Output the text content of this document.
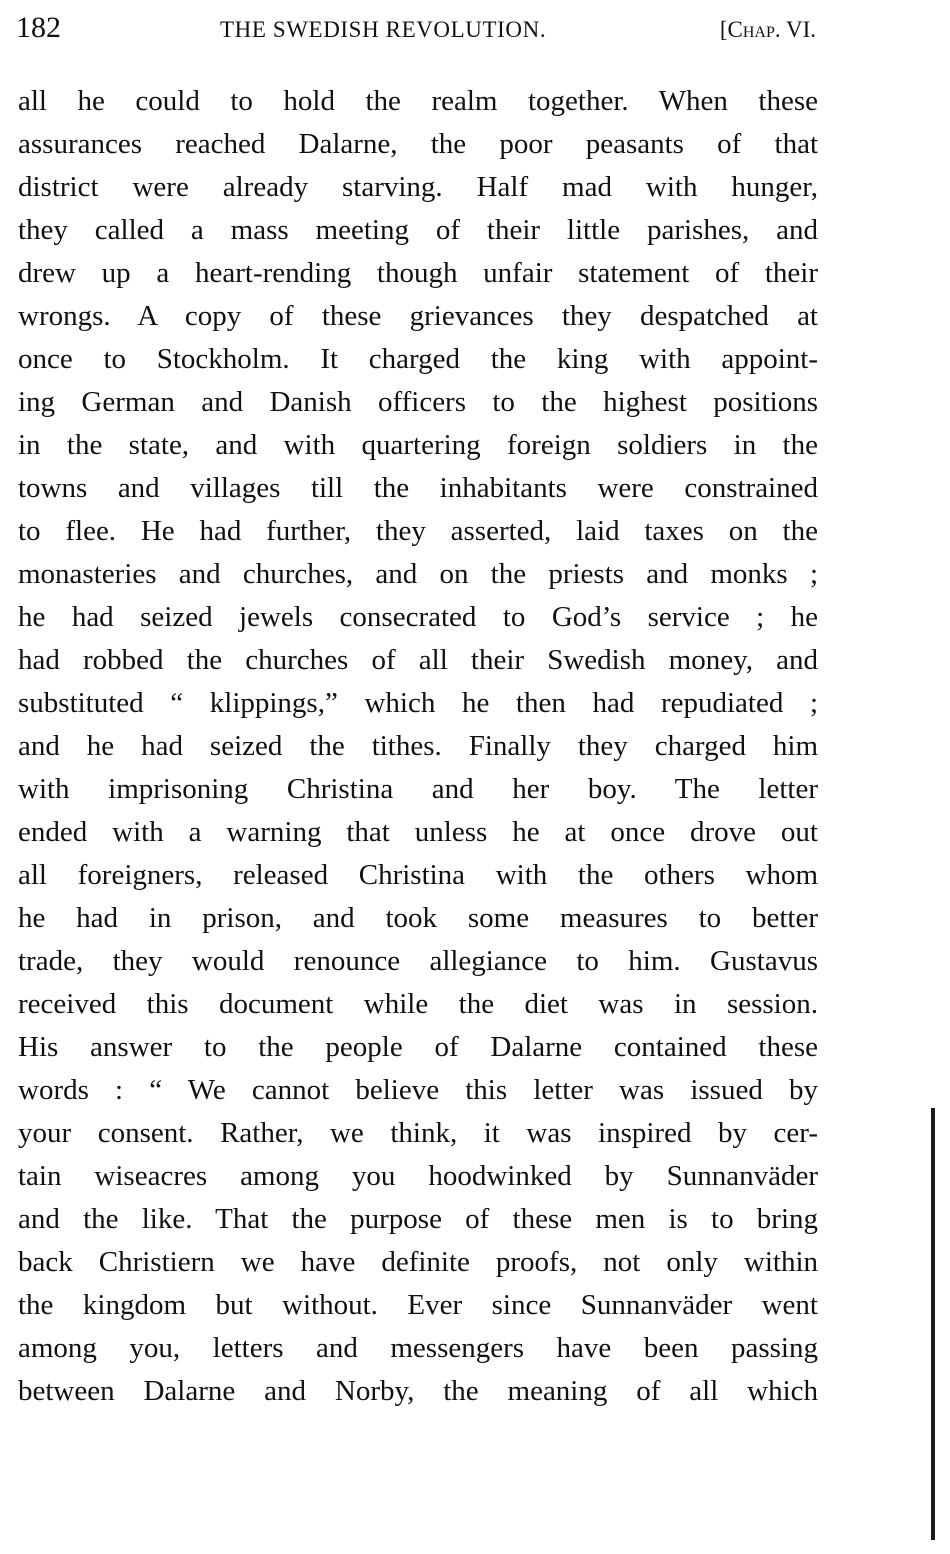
182	THE SWEDISH REVOLUTION.	[Chap. VI.
all he could to hold the realm together. When these
assurances reached Dalarne, the poor peasants of that
district were already starving. Half mad with hunger,
they called a mass meeting of their little parishes, and
drew up a heart-rending though unfair statement of their
wrongs. A copy of these grievances they despatched at
once to Stockholm. It charged the king with appoint-
ing German and Danish officers to the highest positions
in the state, and with quartering foreign soldiers in the
towns and villages till the inhabitants were constrained
to flee. He had further, they asserted, laid taxes on the
monasteries and churches, and on the priests and monks ;
he had seized jewels consecrated to God’s service ; he
had robbed the churches of all their Swedish money, and
substituted “ klippings,” which he then had repudiated ;
and he had seized the tithes. Finally they charged him
with imprisoning Christina and her boy. The letter
ended with a warning that unless he at once drove out
all foreigners, released Christina with the others whom
he had in prison, and took some measures to better
trade, they would renounce allegiance to him. Gustavus
received this document while the diet was in session.
His answer to the people of Dalarne contained these
words : “ We cannot believe this letter was issued by
your consent. Rather, we think, it was inspired by cer-
tain wiseacres among you hoodwinked by Sunnanväder
and the like. That the purpose of these men is to bring
back Christiern we have definite proofs, not only within
the kingdom but without. Ever since Sunnanväder went
among you, letters and messengers have been passing
between Dalarne and Norby, the meaning of all which
